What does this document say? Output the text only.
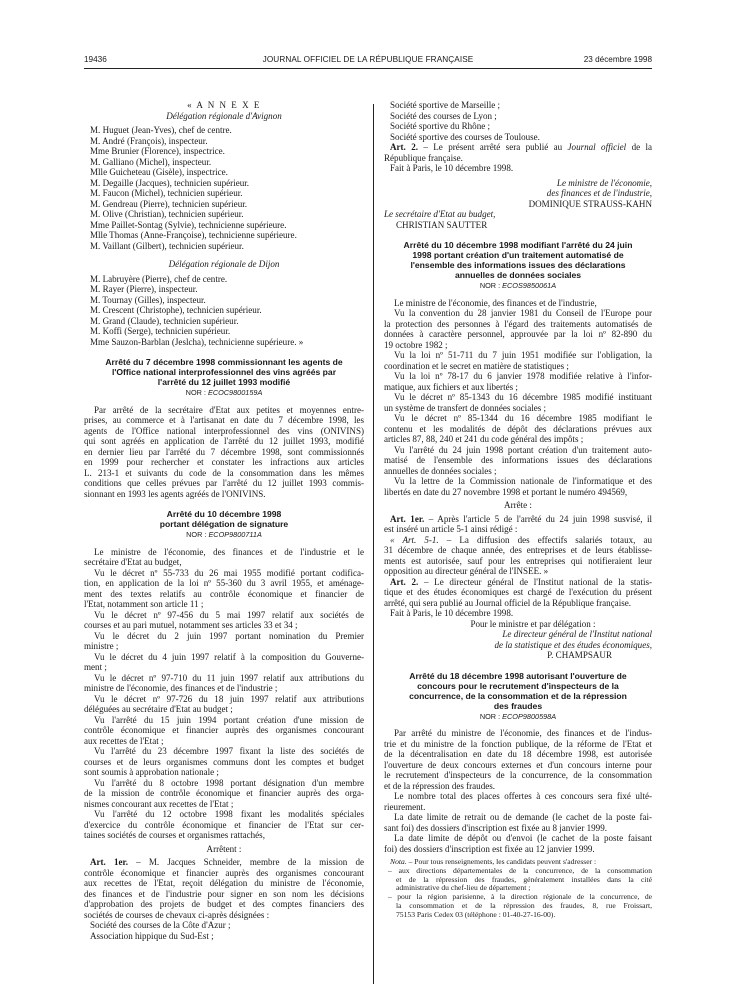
19436	JOURNAL OFFICIEL DE LA RÉPUBLIQUE FRANÇAISE	23 décembre 1998
« A N N E X E
Délégation régionale d'Avignon
M. Huguet (Jean-Yves), chef de centre.
M. André (François), inspecteur.
Mme Brunier (Florence), inspectrice.
M. Galliano (Michel), inspecteur.
Mlle Guicheteau (Gisèle), inspectrice.
M. Degaille (Jacques), technicien supérieur.
M. Faucon (Michel), technicien supérieur.
M. Gendreau (Pierre), technicien supérieur.
M. Olive (Christian), technicien supérieur.
Mme Paillet-Sontag (Sylvie), technicienne supérieure.
Mlle Thomas (Anne-Françoise), technicienne supérieure.
M. Vaillant (Gilbert), technicien supérieur.
Délégation régionale de Dijon
M. Labruyère (Pierre), chef de centre.
M. Rayer (Pierre), inspecteur.
M. Tournay (Gilles), inspecteur.
M. Crescent (Christophe), technicien supérieur.
M. Grand (Claude), technicien supérieur.
M. Koffi (Serge), technicien supérieur.
Mme Sauzon-Barblan (Jeslcha), technicienne supérieure. »
Arrêté du 7 décembre 1998 commissionnant les agents de
l'Office national interprofessionnel des vins agréés par
l'arrêté du 12 juillet 1993 modifié
NOR : ECOC9800159A
Par arrêté de la secrétaire d'Etat aux petites et moyennes entre-
prises, au commerce et à l'artisanat en date du 7 décembre 1998, les
agents de l'Office national interprofessionnel des vins (ONIVINS)
qui sont agréés en application de l'arrêté du 12 juillet 1993, modifié
en dernier lieu par l'arrêté du 7 décembre 1998, sont commissionnés
en 1999 pour rechercher et constater les infractions aux articles
L. 213-1 et suivants du code de la consommation dans les mêmes
conditions que celles prévues par l'arrêté du 12 juillet 1993 commis-
sionnant en 1993 les agents agréés de l'ONIVINS.
Arrêté du 10 décembre 1998
portant délégation de signature
NOR : ECOP9800711A
Le ministre de l'économie, des finances et de l'industrie et le
secrétaire d'Etat au budget,
Vu le décret nº 55-733 du 26 mai 1955 modifié portant codifica-
tion, en application de la loi nº 55-360 du 3 avril 1955, et aménage-
ment des textes relatifs au contrôle économique et financier de
l'Etat, notamment son article 11 ;
Vu le décret nº 97-456 du 5 mai 1997 relatif aux sociétés de
courses et au pari mutuel, notamment ses articles 33 et 34 ;
Vu le décret du 2 juin 1997 portant nomination du Premier
ministre ;
Vu le décret du 4 juin 1997 relatif à la composition du Gouverne-
ment ;
Vu le décret nº 97-710 du 11 juin 1997 relatif aux attributions du
ministre de l'économie, des finances et de l'industrie ;
Vu le décret nº 97-726 du 18 juin 1997 relatif aux attributions
déléguées au secrétaire d'Etat au budget ;
Vu l'arrêté du 15 juin 1994 portant création d'une mission de
contrôle économique et financier auprès des organismes concourant
aux recettes de l'Etat ;
Vu l'arrêté du 23 décembre 1997 fixant la liste des sociétés de
courses et de leurs organismes communs dont les comptes et budget
sont soumis à approbation nationale ;
Vu l'arrêté du 8 octobre 1998 portant désignation d'un membre
de la mission de contrôle économique et financier auprès des orga-
nismes concourant aux recettes de l'Etat ;
Vu l'arrêté du 12 octobre 1998 fixant les modalités spéciales
d'exercice du contrôle économique et financier de l'Etat sur cer-
taines sociétés de courses et organismes rattachés,
Arrêtent :
Art. 1er. – M. Jacques Schneider, membre de la mission de
contrôle économique et financier auprès des organismes concourant
aux recettes de l'Etat, reçoit délégation du ministre de l'économie,
des finances et de l'industrie pour signer en son nom les décisions
d'approbation des projets de budget et des comptes financiers des
sociétés de courses de chevaux ci-après désignées :
Société des courses de la Côte d'Azur ;
Association hippique du Sud-Est ;
Société sportive de Marseille ;
Société des courses de Lyon ;
Société sportive du Rhône ;
Société sportive des courses de Toulouse.
Art. 2. – Le présent arrêté sera publié au Journal officiel de la
République française.
Fait à Paris, le 10 décembre 1998.
Le ministre de l'économie,
des finances et de l'industrie,
DOMINIQUE STRAUSS-KAHN
Le secrétaire d'Etat au budget,
CHRISTIAN SAUTTER
Arrêté du 10 décembre 1998 modifiant l'arrêté du 24 juin
1998 portant création d'un traitement automatisé de
l'ensemble des informations issues des déclarations
annuelles de données sociales
NOR : ECOS9850061A
Le ministre de l'économie, des finances et de l'industrie,
Vu la convention du 28 janvier 1981 du Conseil de l'Europe pour
la protection des personnes à l'égard des traitements automatisés de
données à caractère personnel, approuvée par la loi nº 82-890 du
19 octobre 1982 ;
Vu la loi nº 51-711 du 7 juin 1951 modifiée sur l'obligation, la
coordination et le secret en matière de statistiques ;
Vu la loi nº 78-17 du 6 janvier 1978 modifiée relative à l'infor-
matique, aux fichiers et aux libertés ;
Vu le décret nº 85-1343 du 16 décembre 1985 modifié instituant
un système de transfert de données sociales ;
Vu le décret nº 85-1344 du 16 décembre 1985 modifiant le
contenu et les modalités de dépôt des déclarations prévues aux
articles 87, 88, 240 et 241 du code général des impôts ;
Vu l'arrêté du 24 juin 1998 portant création d'un traitement auto-
matisé de l'ensemble des informations issues des déclarations
annuelles de données sociales ;
Vu la lettre de la Commission nationale de l'informatique et des
libertés en date du 27 novembre 1998 et portant le numéro 494569,
Arrête :
Art. 1er. – Après l'article 5 de l'arrêté du 24 juin 1998 susvisé, il
est inséré un article 5-1 ainsi rédigé :
« Art. 5-1. – La diffusion des effectifs salariés totaux, au
31 décembre de chaque année, des entreprises et de leurs établisse-
ments est autorisée, sauf pour les entreprises qui notifieraient leur
opposition au directeur général de l'INSEE. »
Art. 2. – Le directeur général de l'Institut national de la statis-
tique et des études économiques est chargé de l'exécution du présent
arrêté, qui sera publié au Journal officiel de la République française.
Fait à Paris, le 10 décembre 1998.
Pour le ministre et par délégation :
Le directeur général de l'Institut national
de la statistique et des études économiques,
P. CHAMPSAUR
Arrêté du 18 décembre 1998 autorisant l'ouverture de
concours pour le recrutement d'inspecteurs de la
concurrence, de la consommation et de la répression
des fraudes
NOR : ECOP9800598A
Par arrêté du ministre de l'économie, des finances et de l'indus-
trie et du ministre de la fonction publique, de la réforme de l'Etat et
de la décentralisation en date du 18 décembre 1998, est autorisée
l'ouverture de deux concours externes et d'un concours interne pour
le recrutement d'inspecteurs de la concurrence, de la consommation
et de la répression des fraudes.
Le nombre total des places offertes à ces concours sera fixé ulté-
rieurement.
La date limite de retrait ou de demande (le cachet de la poste fai-
sant foi) des dossiers d'inscription est fixée au 8 janvier 1999.
La date limite de dépôt ou d'envoi (le cachet de la poste faisant
foi) des dossiers d'inscription est fixée au 12 janvier 1999.
Nota. – Pour tous renseignements, les candidats peuvent s'adresser :
– aux directions départementales de la concurrence, de la consommation
et de la répression des fraudes, généralement installées dans la cité
administrative du chef-lieu de département ;
– pour la région parisienne, à la direction régionale de la concurrence, de
la consommation et de la répression des fraudes, 8, rue Froissart,
75153 Paris Cedex 03 (téléphone : 01-40-27-16-00).
